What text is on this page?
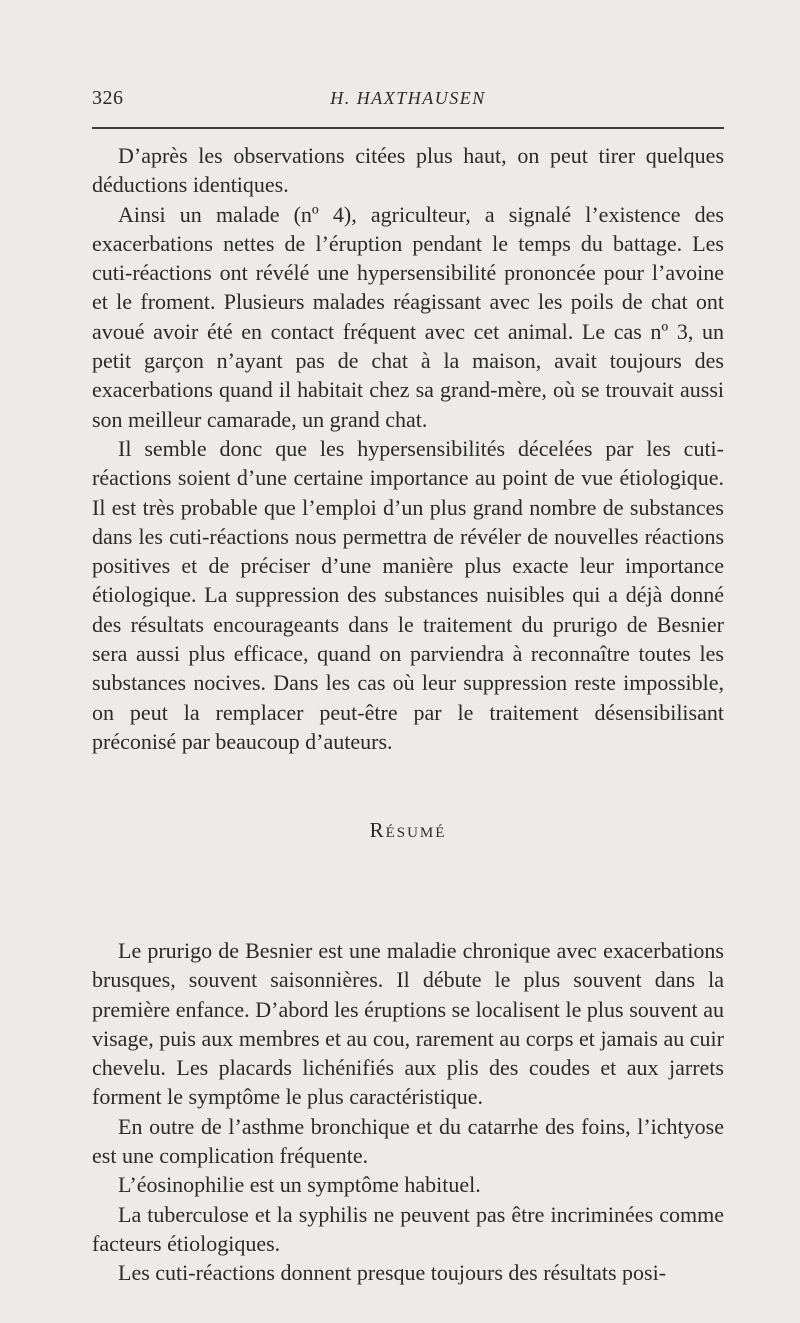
326	H. HAXTHAUSEN

D’après les observations citées plus haut, on peut tirer quelques déductions identiques.

Ainsi un malade (nº 4), agriculteur, a signalé l’existence des exacerbations nettes de l’éruption pendant le temps du battage. Les cuti-réactions ont révélé une hypersensibilité prononcée pour l’avoine et le froment. Plusieurs malades réagissant avec les poils de chat ont avoué avoir été en contact fréquent avec cet animal. Le cas nº 3, un petit garçon n’ayant pas de chat à la maison, avait toujours des exacerbations quand il habitait chez sa grand-mère, où se trouvait aussi son meilleur camarade, un grand chat.

Il semble donc que les hypersensibilités décelées par les cuti-réactions soient d’une certaine importance au point de vue étiologique. Il est très probable que l’emploi d’un plus grand nombre de substances dans les cuti-réactions nous permettra de révéler de nouvelles réactions positives et de préciser d’une manière plus exacte leur importance étiologique. La suppression des substances nuisibles qui a déjà donné des résultats encourageants dans le traitement du prurigo de Besnier sera aussi plus efficace, quand on parviendra à reconnaître toutes les substances nocives. Dans les cas où leur suppression reste impossible, on peut la remplacer peut-être par le traitement désensibilisant préconisé par beaucoup d’auteurs.

RÉSUMÉ

Le prurigo de Besnier est une maladie chronique avec exacerbations brusques, souvent saisonnières. Il débute le plus souvent dans la première enfance. D’abord les éruptions se localisent le plus souvent au visage, puis aux membres et au cou, rarement au corps et jamais au cuir chevelu. Les placards lichénifiés aux plis des coudes et aux jarrets forment le symptôme le plus caractéristique.

En outre de l’asthme bronchique et du catarrhe des foins, l’ichtyose est une complication fréquente.

L’éosinophilie est un symptôme habituel.

La tuberculose et la syphilis ne peuvent pas être incriminées comme facteurs étiologiques.

Les cuti-réactions donnent presque toujours des résultats posi-
